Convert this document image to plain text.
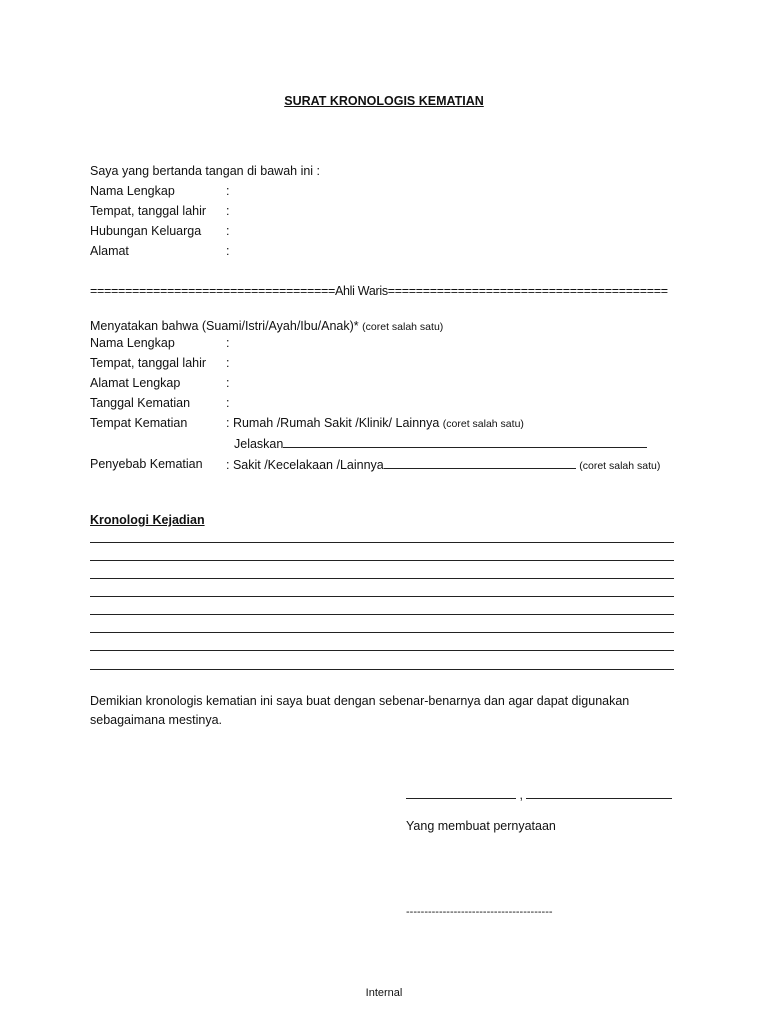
SURAT KRONOLOGIS KEMATIAN
Saya yang bertanda tangan di bawah ini :
Nama Lengkap	:
Tempat, tanggal lahir :
Hubungan Keluarga :
Alamat	:
===================================Ahli Waris========================================
Menyatakan bahwa (Suami/Istri/Ayah/Ibu/Anak)* (coret salah satu)
Nama Lengkap	:
Tempat, tanggal lahir :
Alamat Lengkap	:
Tanggal Kematian	:
Tempat Kematian	: Rumah /Rumah Sakit /Klinik/ Lainnya (coret salah satu)
Jelaskan
Penyebab Kematian : Sakit /Kecelakaan /Lainnya	(coret salah satu)
Kronologi Kejadian
Demikian kronologis kematian ini saya buat dengan sebenar-benarnya dan agar dapat digunakan sebagaimana mestinya.
,
Yang membuat pernyataan
----------------------------------------
Internal
